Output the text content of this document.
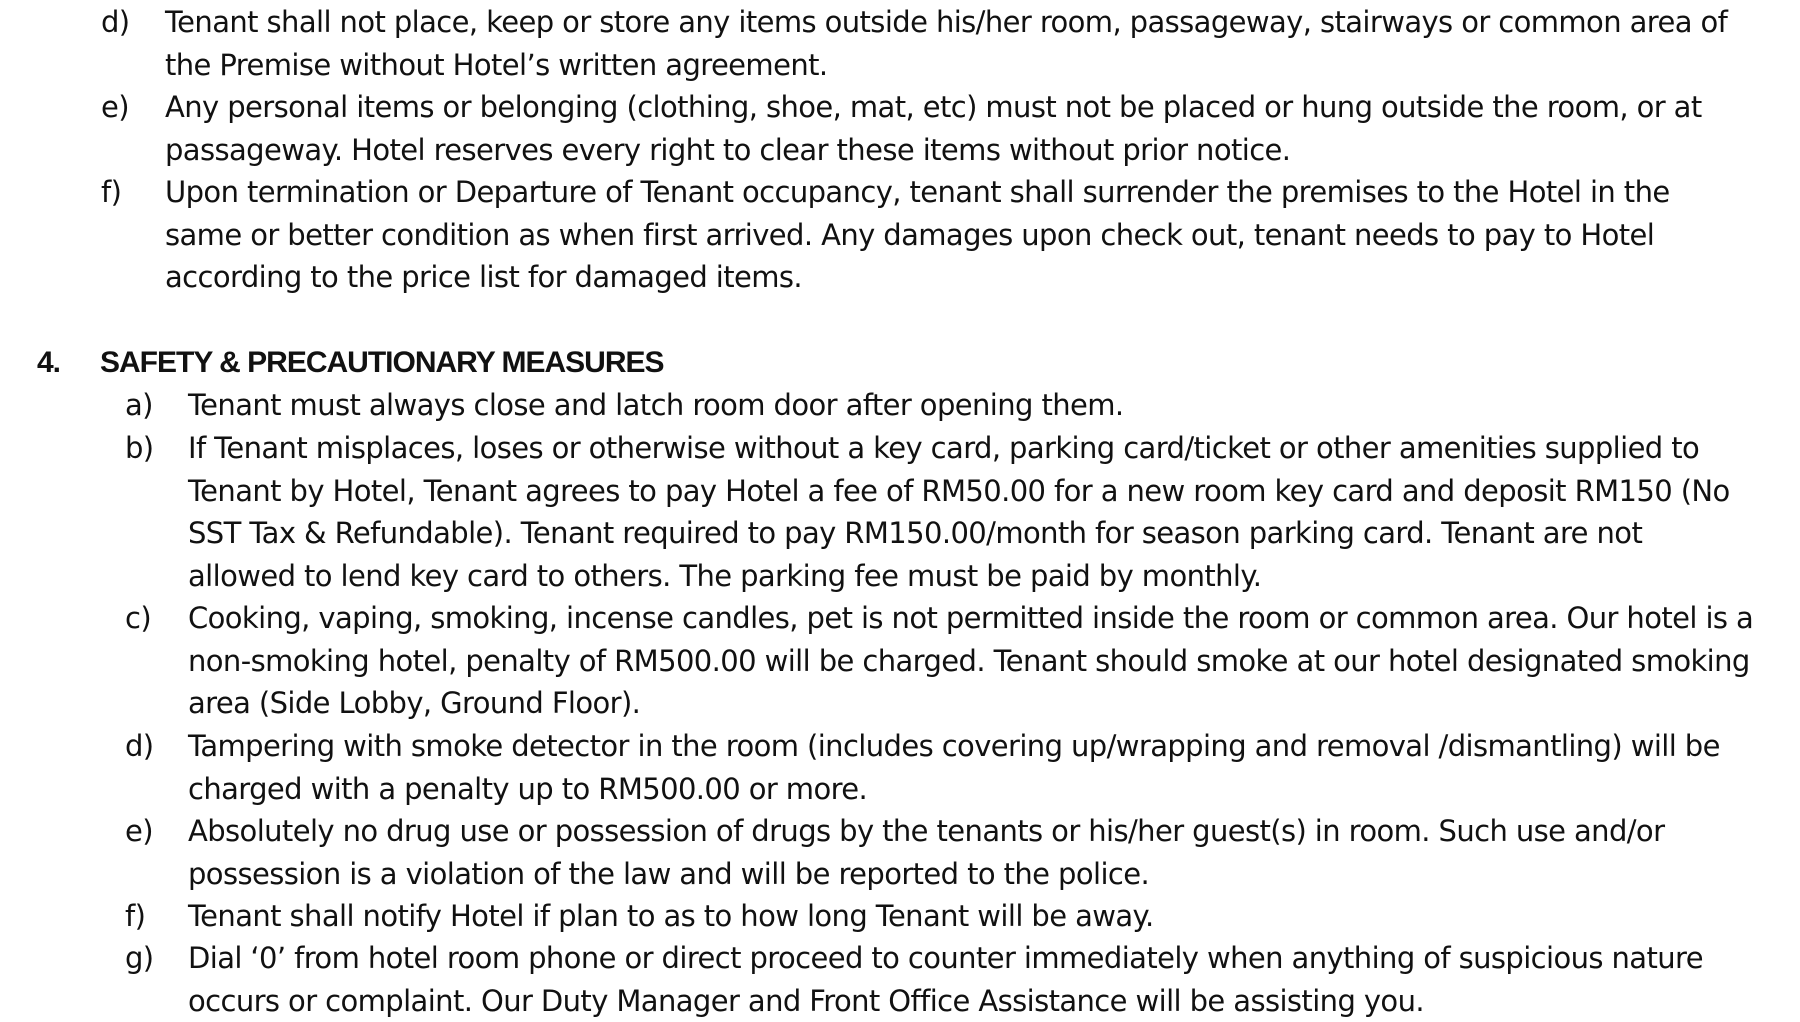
d) Tenant shall not place, keep or store any items outside his/her room, passageway, stairways or common area of
the Premise without Hotel’s written agreement.
e) Any personal items or belonging (clothing, shoe, mat, etc) must not be placed or hung outside the room, or at
passageway. Hotel reserves every right to clear these items without prior notice.
f) Upon termination or Departure of Tenant occupancy, tenant shall surrender the premises to the Hotel in the
same or better condition as when first arrived. Any damages upon check out, tenant needs to pay to Hotel
according to the price list for damaged items.
4. SAFETY & PRECAUTIONARY MEASURES
a) Tenant must always close and latch room door after opening them.
b) If Tenant misplaces, loses or otherwise without a key card, parking card/ticket or other amenities supplied to
Tenant by Hotel, Tenant agrees to pay Hotel a fee of RM50.00 for a new room key card and deposit RM150 (No
SST Tax & Refundable). Tenant required to pay RM150.00/month for season parking card. Tenant are not
allowed to lend key card to others. The parking fee must be paid by monthly.
c) Cooking, vaping, smoking, incense candles, pet is not permitted inside the room or common area. Our hotel is a
non-smoking hotel, penalty of RM500.00 will be charged. Tenant should smoke at our hotel designated smoking
area (Side Lobby, Ground Floor).
d) Tampering with smoke detector in the room (includes covering up/wrapping and removal /dismantling) will be
charged with a penalty up to RM500.00 or more.
e) Absolutely no drug use or possession of drugs by the tenants or his/her guest(s) in room. Such use and/or
possession is a violation of the law and will be reported to the police.
f) Tenant shall notify Hotel if plan to as to how long Tenant will be away.
g) Dial ‘0’ from hotel room phone or direct proceed to counter immediately when anything of suspicious nature
occurs or complaint. Our Duty Manager and Front Office Assistance will be assisting you.
